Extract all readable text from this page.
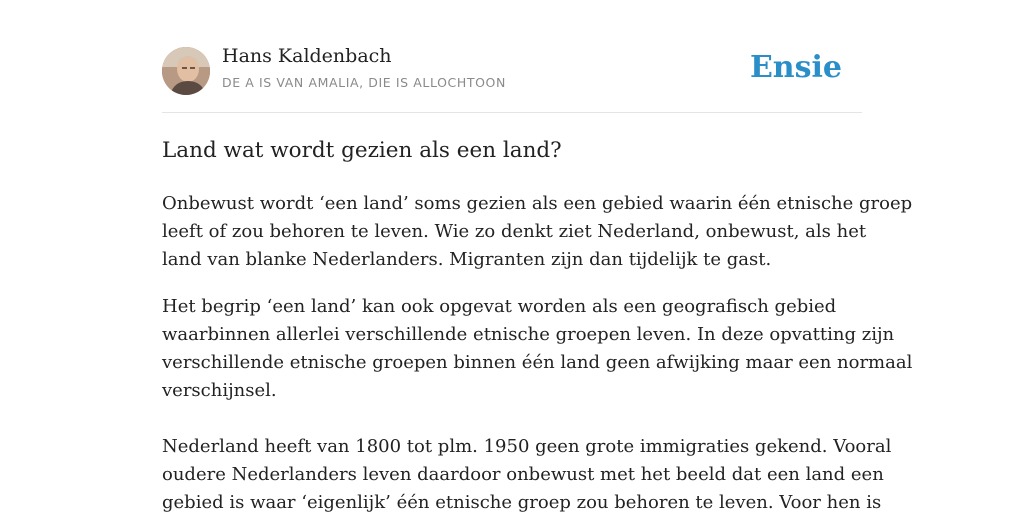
Hans Kaldenbach
DE A IS VAN AMALIA, DIE IS ALLOCHTOON	Ensie
Land wat wordt gezien als een land?
Onbewust wordt ‘een land’ soms gezien als een gebied waarin één etnische groep
leeft of zou behoren te leven. Wie zo denkt ziet Nederland, onbewust, als het
land van blanke Nederlanders. Migranten zijn dan tijdelijk te gast.
Het begrip ‘een land’ kan ook opgevat worden als een geografisch gebied
waarbinnen allerlei verschillende etnische groepen leven. In deze opvatting zijn
verschillende etnische groepen binnen één land geen afwijking maar een normaal
verschijnsel.
Nederland heeft van 1800 tot plm. 1950 geen grote immigraties gekend. Vooral
oudere Nederlanders leven daardoor onbewust met het beeld dat een land een
gebied is waar ‘eigenlijk’ één etnische groep zou behoren te leven. Voor hen is
